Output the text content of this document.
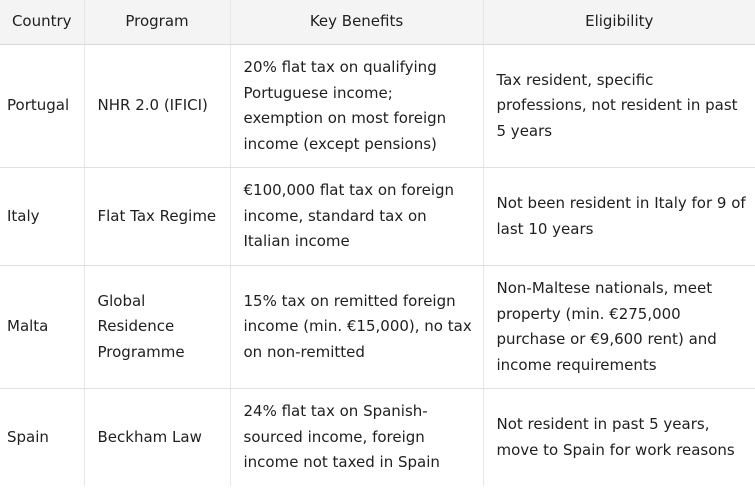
Country	Program	Key Benefits	Eligibility
Portugal	NHR 2.0 (IFICI)	20% flat tax on qualifying Portuguese income; exemption on most foreign income (except pensions)	Tax resident, specific professions, not resident in past 5 years
Italy	Flat Tax Regime	€100,000 flat tax on foreign income, standard tax on Italian income	Not been resident in Italy for 9 of last 10 years
Malta	Global Residence Programme	15% tax on remitted foreign income (min. €15,000), no tax on non-remitted	Non-Maltese nationals, meet property (min. €275,000 purchase or €9,600 rent) and income requirements
Spain	Beckham Law	24% flat tax on Spanish-sourced income, foreign income not taxed in Spain	Not resident in past 5 years, move to Spain for work reasons
